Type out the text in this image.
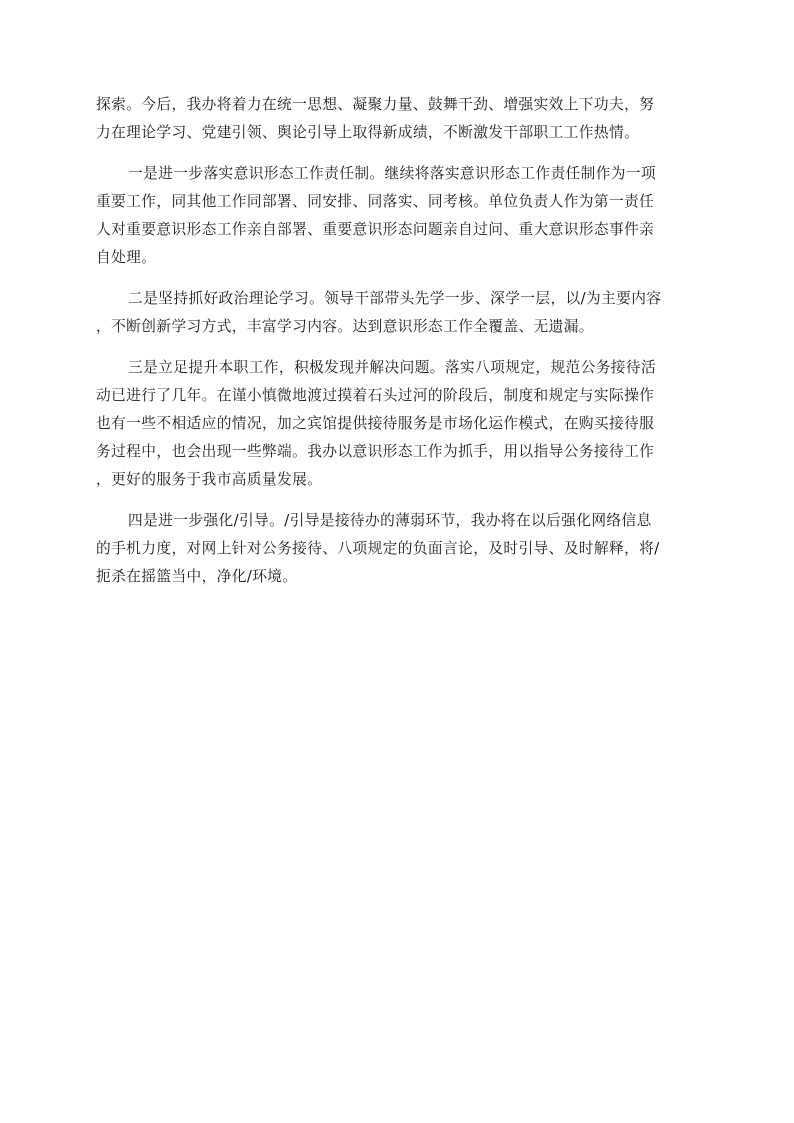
探索。今后，我办将着力在统一思想、凝聚力量、鼓舞干劲、增强实效上下功夫，努
力在理论学习、党建引领、舆论引导上取得新成绩，不断激发干部职工工作热情。
一是进一步落实意识形态工作责任制。继续将落实意识形态工作责任制作为一项
重要工作，同其他工作同部署、同安排、同落实、同考核。单位负责人作为第一责任
人对重要意识形态工作亲自部署、重要意识形态问题亲自过问、重大意识形态事件亲
自处理。
二是坚持抓好政治理论学习。领导干部带头先学一步、深学一层，以/为主要内容
，不断创新学习方式，丰富学习内容。达到意识形态工作全覆盖、无遗漏。
三是立足提升本职工作，积极发现并解决问题。落实八项规定，规范公务接待活
动已进行了几年。在谨小慎微地渡过摸着石头过河的阶段后，制度和规定与实际操作
也有一些不相适应的情况，加之宾馆提供接待服务是市场化运作模式，在购买接待服
务过程中，也会出现一些弊端。我办以意识形态工作为抓手，用以指导公务接待工作
，更好的服务于我市高质量发展。
四是进一步强化/引导。/引导是接待办的薄弱环节，我办将在以后强化网络信息
的手机力度，对网上针对公务接待、八项规定的负面言论，及时引导、及时解释，将/
扼杀在摇篮当中，净化/环境。
